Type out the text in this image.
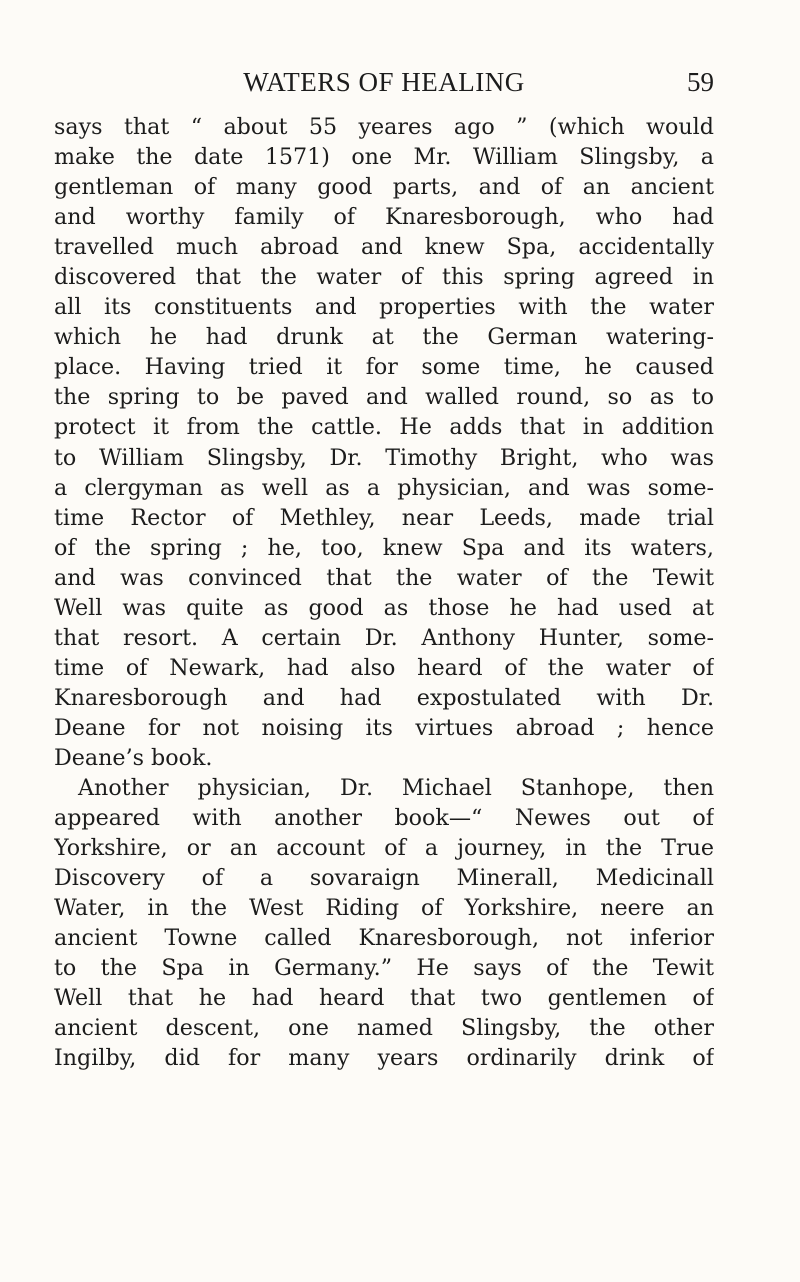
WATERS OF HEALING	59
says that “ about 55 yeares ago ” (which would
make the date 1571) one Mr. William Slingsby, a
gentleman of many good parts, and of an ancient
and worthy family of Knaresborough, who had
travelled much abroad and knew Spa, accidentally
discovered that the water of this spring agreed in
all its constituents and properties with the water
which he had drunk at the German watering-
place. Having tried it for some time, he caused
the spring to be paved and walled round, so as to
protect it from the cattle. He adds that in addition
to William Slingsby, Dr. Timothy Bright, who was
a clergyman as well as a physician, and was some-
time Rector of Methley, near Leeds, made trial
of the spring ; he, too, knew Spa and its waters,
and was convinced that the water of the Tewit
Well was quite as good as those he had used at
that resort. A certain Dr. Anthony Hunter, some-
time of Newark, had also heard of the water of
Knaresborough and had expostulated with Dr.
Deane for not noising its virtues abroad ; hence
Deane’s book.
Another physician, Dr. Michael Stanhope, then
appeared with another book—“ Newes out of
Yorkshire, or an account of a journey, in the True
Discovery of a sovaraign Minerall, Medicinall
Water, in the West Riding of Yorkshire, neere an
ancient Towne called Knaresborough, not inferior
to the Spa in Germany.” He says of the Tewit
Well that he had heard that two gentlemen of
ancient descent, one named Slingsby, the other
Ingilby, did for many years ordinarily drink of
